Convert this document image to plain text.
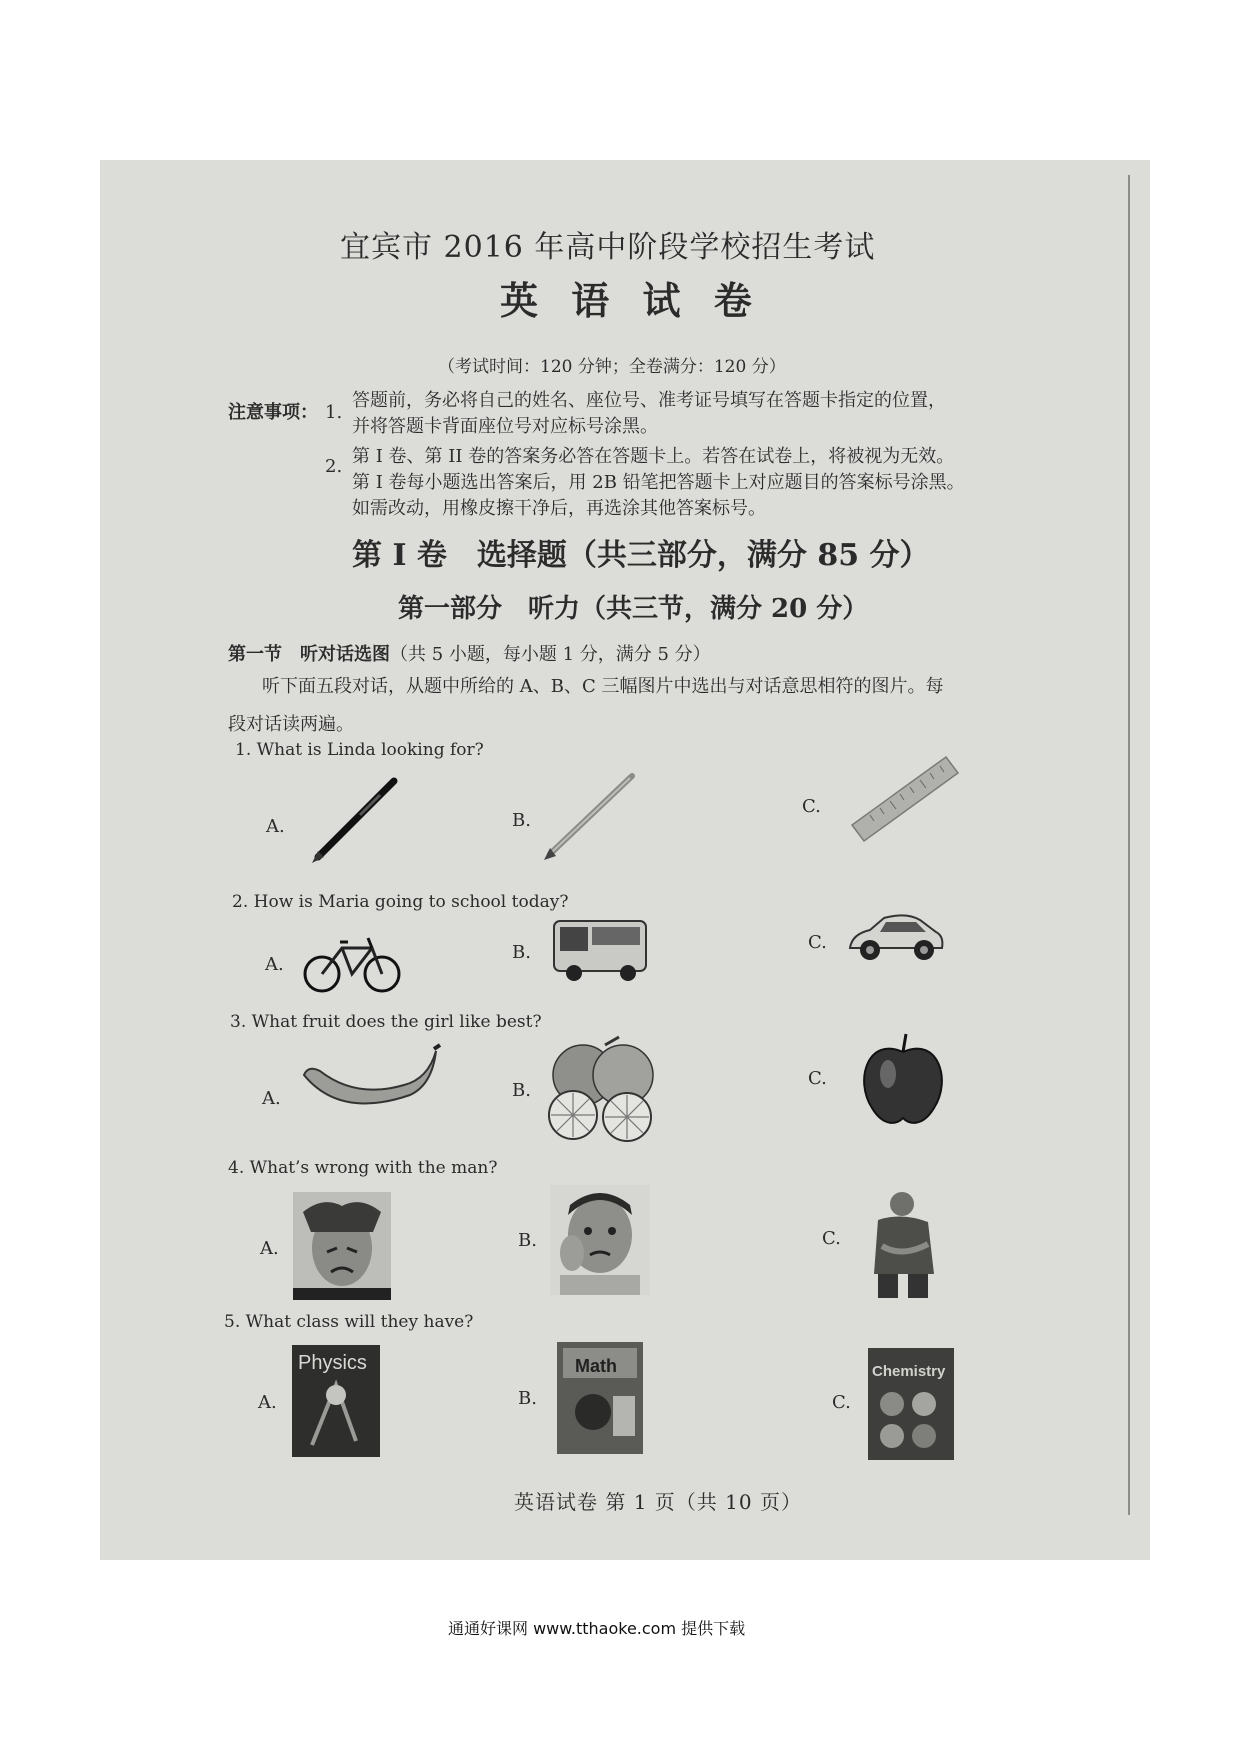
宜宾市 2016 年高中阶段学校招生考试
英 语 试 卷
（考试时间：120 分钟；全卷满分：120 分）
注意事项： 1.
答题前，务必将自己的姓名、座位号、准考证号填写在答题卡指定的位置，
并将答题卡背面座位号对应标号涂黑。
2. 第 I 卷、第 II 卷的答案务必答在答题卡上。若答在试卷上，将被视为无效。
第 I 卷每小题选出答案后，用 2B 铅笔把答题卡上对应题目的答案标号涂黑。
如需改动，用橡皮擦干净后，再选涂其他答案标号。
第 I 卷　选择题（共三部分，满分 85 分）
第一部分　听力（共三节，满分 20 分）
第一节　听对话选图（共 5 小题，每小题 1 分，满分 5 分）
听下面五段对话，从题中所给的 A、B、C 三幅图片中选出与对话意思相符的图片。每
段对话读两遍。
1. What is Linda looking for?
A.	B.
C.
2. How is Maria going to school today?
A.
B.	C.
3. What fruit does the girl like best?
A.	B.
C.
4. What’s wrong with the man?
A.	B.	C.
5. What class will they have?
A.
Physics
B.
Math
C.
Chemistry
英语试卷 第 1 页（共 10 页）
通通好课网 www.tthaoke.com 提供下载
